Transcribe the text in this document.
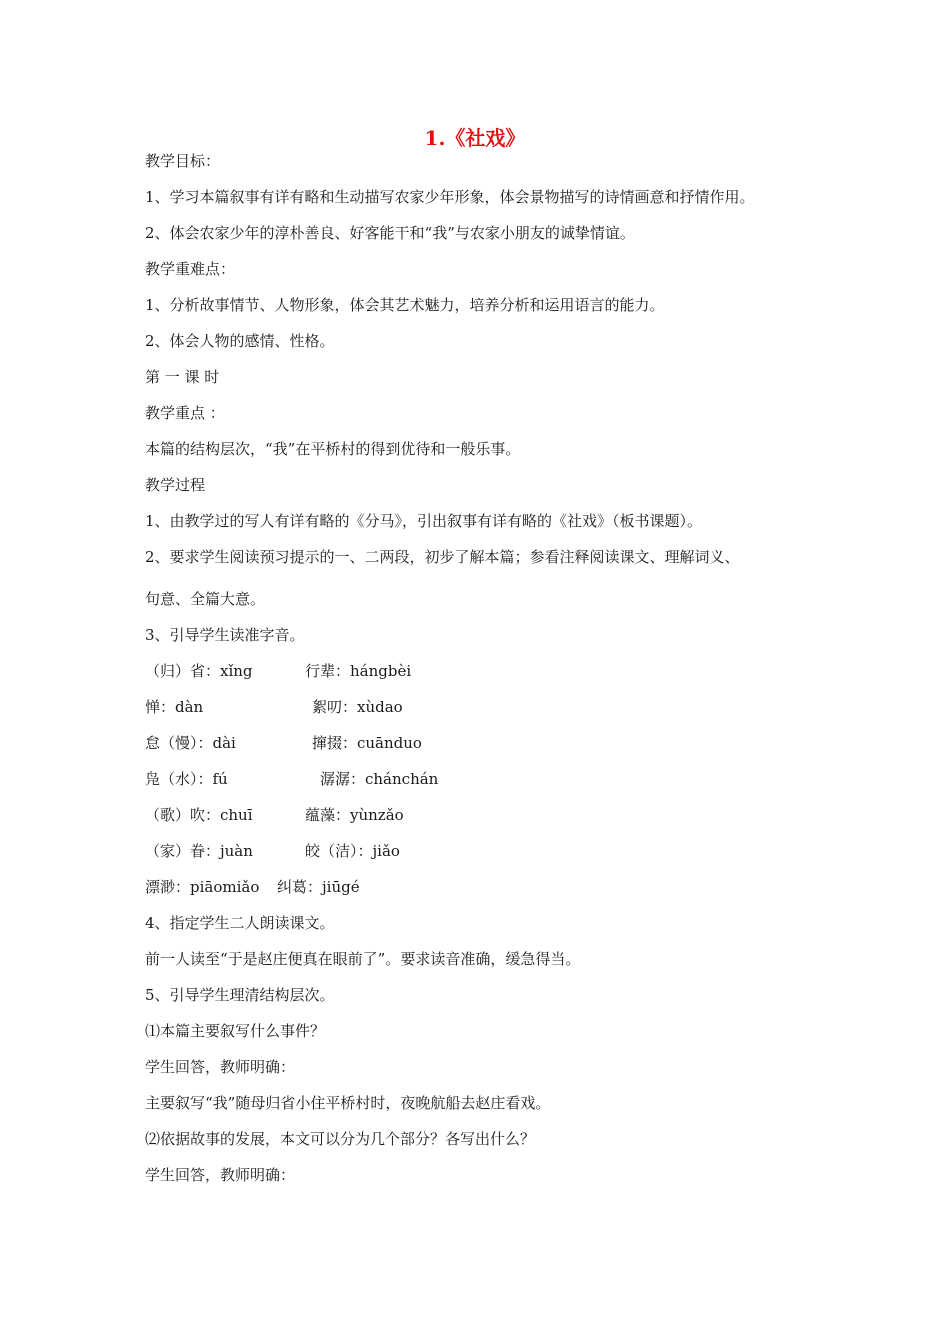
1.《社戏》
教学目标：
1、学习本篇叙事有详有略和生动描写农家少年形象，体会景物描写的诗情画意和抒情作用。
2、体会农家少年的淳朴善良、好客能干和“我”与农家小朋友的诚挚情谊。
教学重难点：
1、分析故事情节、人物形象，体会其艺术魅力，培养分析和运用语言的能力。
2、体会人物的感情、性格。
第 一 课 时
教学重点 ：
本篇的结构层次，“我”在平桥村的得到优待和一般乐事。
教学过程
1、由教学过的写人有详有略的《分马》，引出叙事有详有略的《社戏》（板书课题）。
2、要求学生阅读预习提示的一、二两段，初步了解本篇；参看注释阅读课文、理解词义、
句意、全篇大意。
3、引导学生读准字音。
（归）省：xǐng	行辈：hángbèi
惮：dàn	絮叨：xùdao
怠（慢）：dài	撺掇：cuānduo
凫（水）：fú	潺潺：chánchán
（歌）吹：chuī	蕴藻：yùnzǎo
（家）眷：juàn	皎（洁）：jiǎo
漂渺：piāomiǎo 纠葛：jiūgé
4、指定学生二人朗读课文。
前一人读至“于是赵庄便真在眼前了”。要求读音准确，缓急得当。
5、引导学生理清结构层次。
⑴本篇主要叙写什么事件？
学生回答，教师明确：
主要叙写“我”随母归省小住平桥村时，夜晚航船去赵庄看戏。
⑵依据故事的发展，本文可以分为几个部分？各写出什么？
学生回答，教师明确：
